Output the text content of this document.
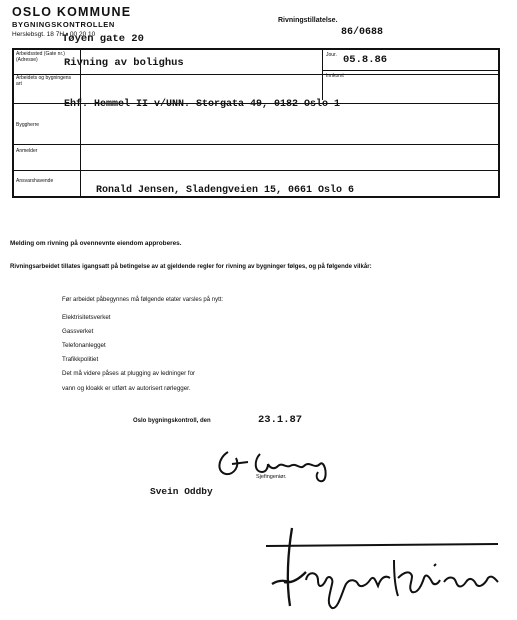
OSLO KOMMUNE
BYGNINGSKONTROLLEN
Herslebsgt. 18 7H • 00 20 10
Tøyen gate 20
Rivningstillatelse.
86/0688
Arbeidssted (Gate nr.) (Adresse)
Arbeidets og bygningens art
Byggherre
Anmelder
Ansvarshavende
Jour.
Innkomt
Rivning av bolighus	05.8.86
Ehf. Hemmel II v/UNN. Storgata 49, 0182 Oslo 1
Ronald Jensen, Sladengveien 15, 0661 Oslo 6
Melding om rivning på ovennevnte eiendom approberes.
Rivningsarbeidet tillates igangsatt på betingelse av at gjeldende regler for rivning av bygninger følges, og på følgende vilkår:
Før arbeidet påbegynnes må følgende etater varsles på nytt:
Elektrisitetsverket
Gassverket
Telefonanlegget
Trafikkpolitiet
Det må videre påses at plugging av ledninger for
vann og kloakk er utført av autorisert rørlegger.
Oslo bygningskontroll, den	23.1.87
Sjefingeniør.
Svein Oddby
